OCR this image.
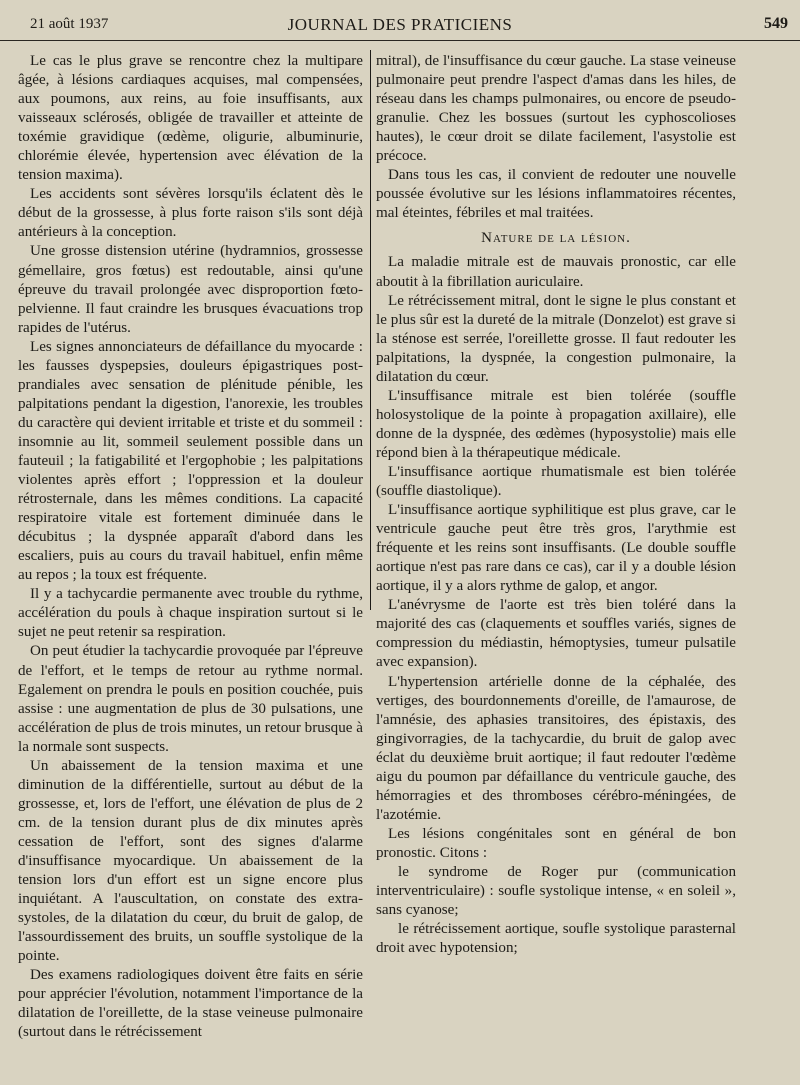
21 août 1937	JOURNAL DES PRATICIENS	549

Le cas le plus grave se rencontre chez la multipare âgée, à lésions cardiaques acquises, mal compensées, aux poumons, aux reins, au foie insuffisants, aux vaisseaux sclérosés, obligée de travailler et atteinte de toxémie gravidique (œdème, oligurie, albuminurie, chlorémie élevée, hypertension avec élévation de la tension maxima).

Les accidents sont sévères lorsqu'ils éclatent dès le début de la grossesse, à plus forte raison s'ils sont déjà antérieurs à la conception.

Une grosse distension utérine (hydramnios, grossesse gémellaire, gros fœtus) est redoutable, ainsi qu'une épreuve du travail prolongée avec disproportion fœto-pelvienne. Il faut craindre les brusques évacuations trop rapides de l'utérus.

Les signes annonciateurs de défaillance du myocarde : les fausses dyspepsies, douleurs épigastriques post-prandiales avec sensation de plénitude pénible, les palpitations pendant la digestion, l'anorexie, les troubles du caractère qui devient irritable et triste et du sommeil : insomnie au lit, sommeil seulement possible dans un fauteuil ; la fatigabilité et l'ergophobie ; les palpitations violentes après effort ; l'oppression et la douleur rétrosternale, dans les mêmes conditions. La capacité respiratoire vitale est fortement diminuée dans le décubitus ; la dyspnée apparaît d'abord dans les escaliers, puis au cours du travail habituel, enfin même au repos ; la toux est fréquente.

Il y a tachycardie permanente avec trouble du rythme, accélération du pouls à chaque inspiration surtout si le sujet ne peut retenir sa respiration.

On peut étudier la tachycardie provoquée par l'épreuve de l'effort, et le temps de retour au rythme normal. Egalement on prendra le pouls en position couchée, puis assise : une augmentation de plus de 30 pulsations, une accélération de plus de trois minutes, un retour brusque à la normale sont suspects.

Un abaissement de la tension maxima et une diminution de la différentielle, surtout au début de la grossesse, et, lors de l'effort, une élévation de plus de 2 cm. de la tension durant plus de dix minutes après cessation de l'effort, sont des signes d'alarme d'insuffisance myocardique. Un abaissement de la tension lors d'un effort est un signe encore plus inquiétant. A l'auscultation, on constate des extra-systoles, de la dilatation du cœur, du bruit de galop, de l'assourdissement des bruits, un souffle systolique de la pointe.

Des examens radiologiques doivent être faits en série pour apprécier l'évolution, notamment l'importance de la dilatation de l'oreillette, de la stase veineuse pulmonaire (surtout dans le rétrécissement

mitral), de l'insuffisance du cœur gauche. La stase veineuse pulmonaire peut prendre l'aspect d'amas dans les hiles, de réseau dans les champs pulmonaires, ou encore de pseudo-granulie. Chez les bossues (surtout les cyphoscolioses hautes), le cœur droit se dilate facilement, l'asystolie est précoce.

Dans tous les cas, il convient de redouter une nouvelle poussée évolutive sur les lésions inflammatoires récentes, mal éteintes, fébriles et mal traitées.

Nature de la lésion.

La maladie mitrale est de mauvais pronostic, car elle aboutit à la fibrillation auriculaire.

Le rétrécissement mitral, dont le signe le plus constant et le plus sûr est la dureté de la mitrale (Donzelot) est grave si la sténose est serrée, l'oreillette grosse. Il faut redouter les palpitations, la dyspnée, la congestion pulmonaire, la dilatation du cœur.

L'insuffisance mitrale est bien tolérée (souffle holosystolique de la pointe à propagation axillaire), elle donne de la dyspnée, des œdèmes (hyposystolie) mais elle répond bien à la thérapeutique médicale.

L'insuffisance aortique rhumatismale est bien tolérée (souffle diastolique).

L'insuffisance aortique syphilitique est plus grave, car le ventricule gauche peut être très gros, l'arythmie est fréquente et les reins sont insuffisants. (Le double souffle aortique n'est pas rare dans ce cas), car il y a double lésion aortique, il y a alors rythme de galop, et angor.

L'anévrysme de l'aorte est très bien toléré dans la majorité des cas (claquements et souffles variés, signes de compression du médiastin, hémoptysies, tumeur pulsatile avec expansion).

L'hypertension artérielle donne de la céphalée, des vertiges, des bourdonnements d'oreille, de l'amaurose, de l'amnésie, des aphasies transitoires, des épistaxis, des gingivorragies, de la tachycardie, du bruit de galop avec éclat du deuxième bruit aortique; il faut redouter l'œdème aigu du poumon par défaillance du ventricule gauche, des hémorragies et des thromboses cérébro-méningées, de l'azotémie.

Les lésions congénitales sont en général de bon pronostic. Citons :

le syndrome de Roger pur (communication interventriculaire) : soufle systolique intense, « en soleil », sans cyanose;

le rétrécissement aortique, soufle systolique parasternal droit avec hypotension;
